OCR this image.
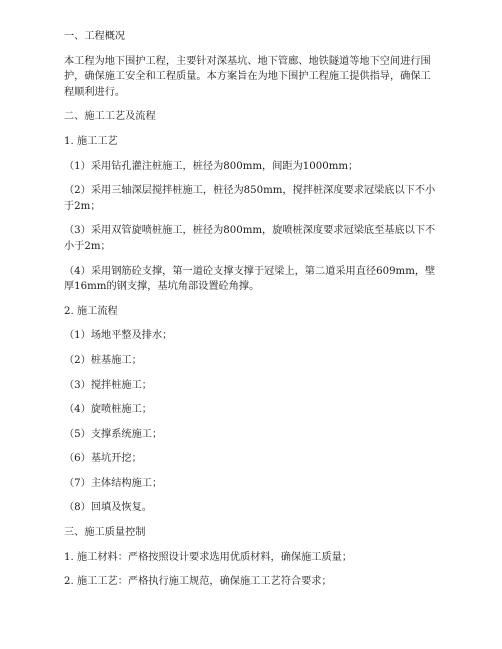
一、工程概况

本工程为地下围护工程，主要针对深基坑、地下管廊、地铁隧道等地下空间进行围护，确保施工安全和工程质量。本方案旨在为地下围护工程施工提供指导，确保工程顺利进行。

二、施工工艺及流程

1. 施工工艺

（1）采用钻孔灌注桩施工，桩径为800mm，间距为1000mm；

（2）采用三轴深层搅拌桩施工，桩径为850mm，搅拌桩深度要求冠梁底以下不小于2m；

（3）采用双管旋喷桩施工，桩径为800mm，旋喷桩深度要求冠梁底至基底以下不小于2m；

（4）采用钢筋砼支撑，第一道砼支撑支撑于冠梁上，第二道采用直径609mm，壁厚16mm的钢支撑，基坑角部设置砼角撑。

2. 施工流程

（1）场地平整及排水；

（2）桩基施工；

（3）搅拌桩施工；

（4）旋喷桩施工；

（5）支撑系统施工；

（6）基坑开挖；

（7）主体结构施工；

（8）回填及恢复。

三、施工质量控制

1. 施工材料：严格按照设计要求选用优质材料，确保施工质量；

2. 施工工艺：严格执行施工规范，确保施工工艺符合要求；
